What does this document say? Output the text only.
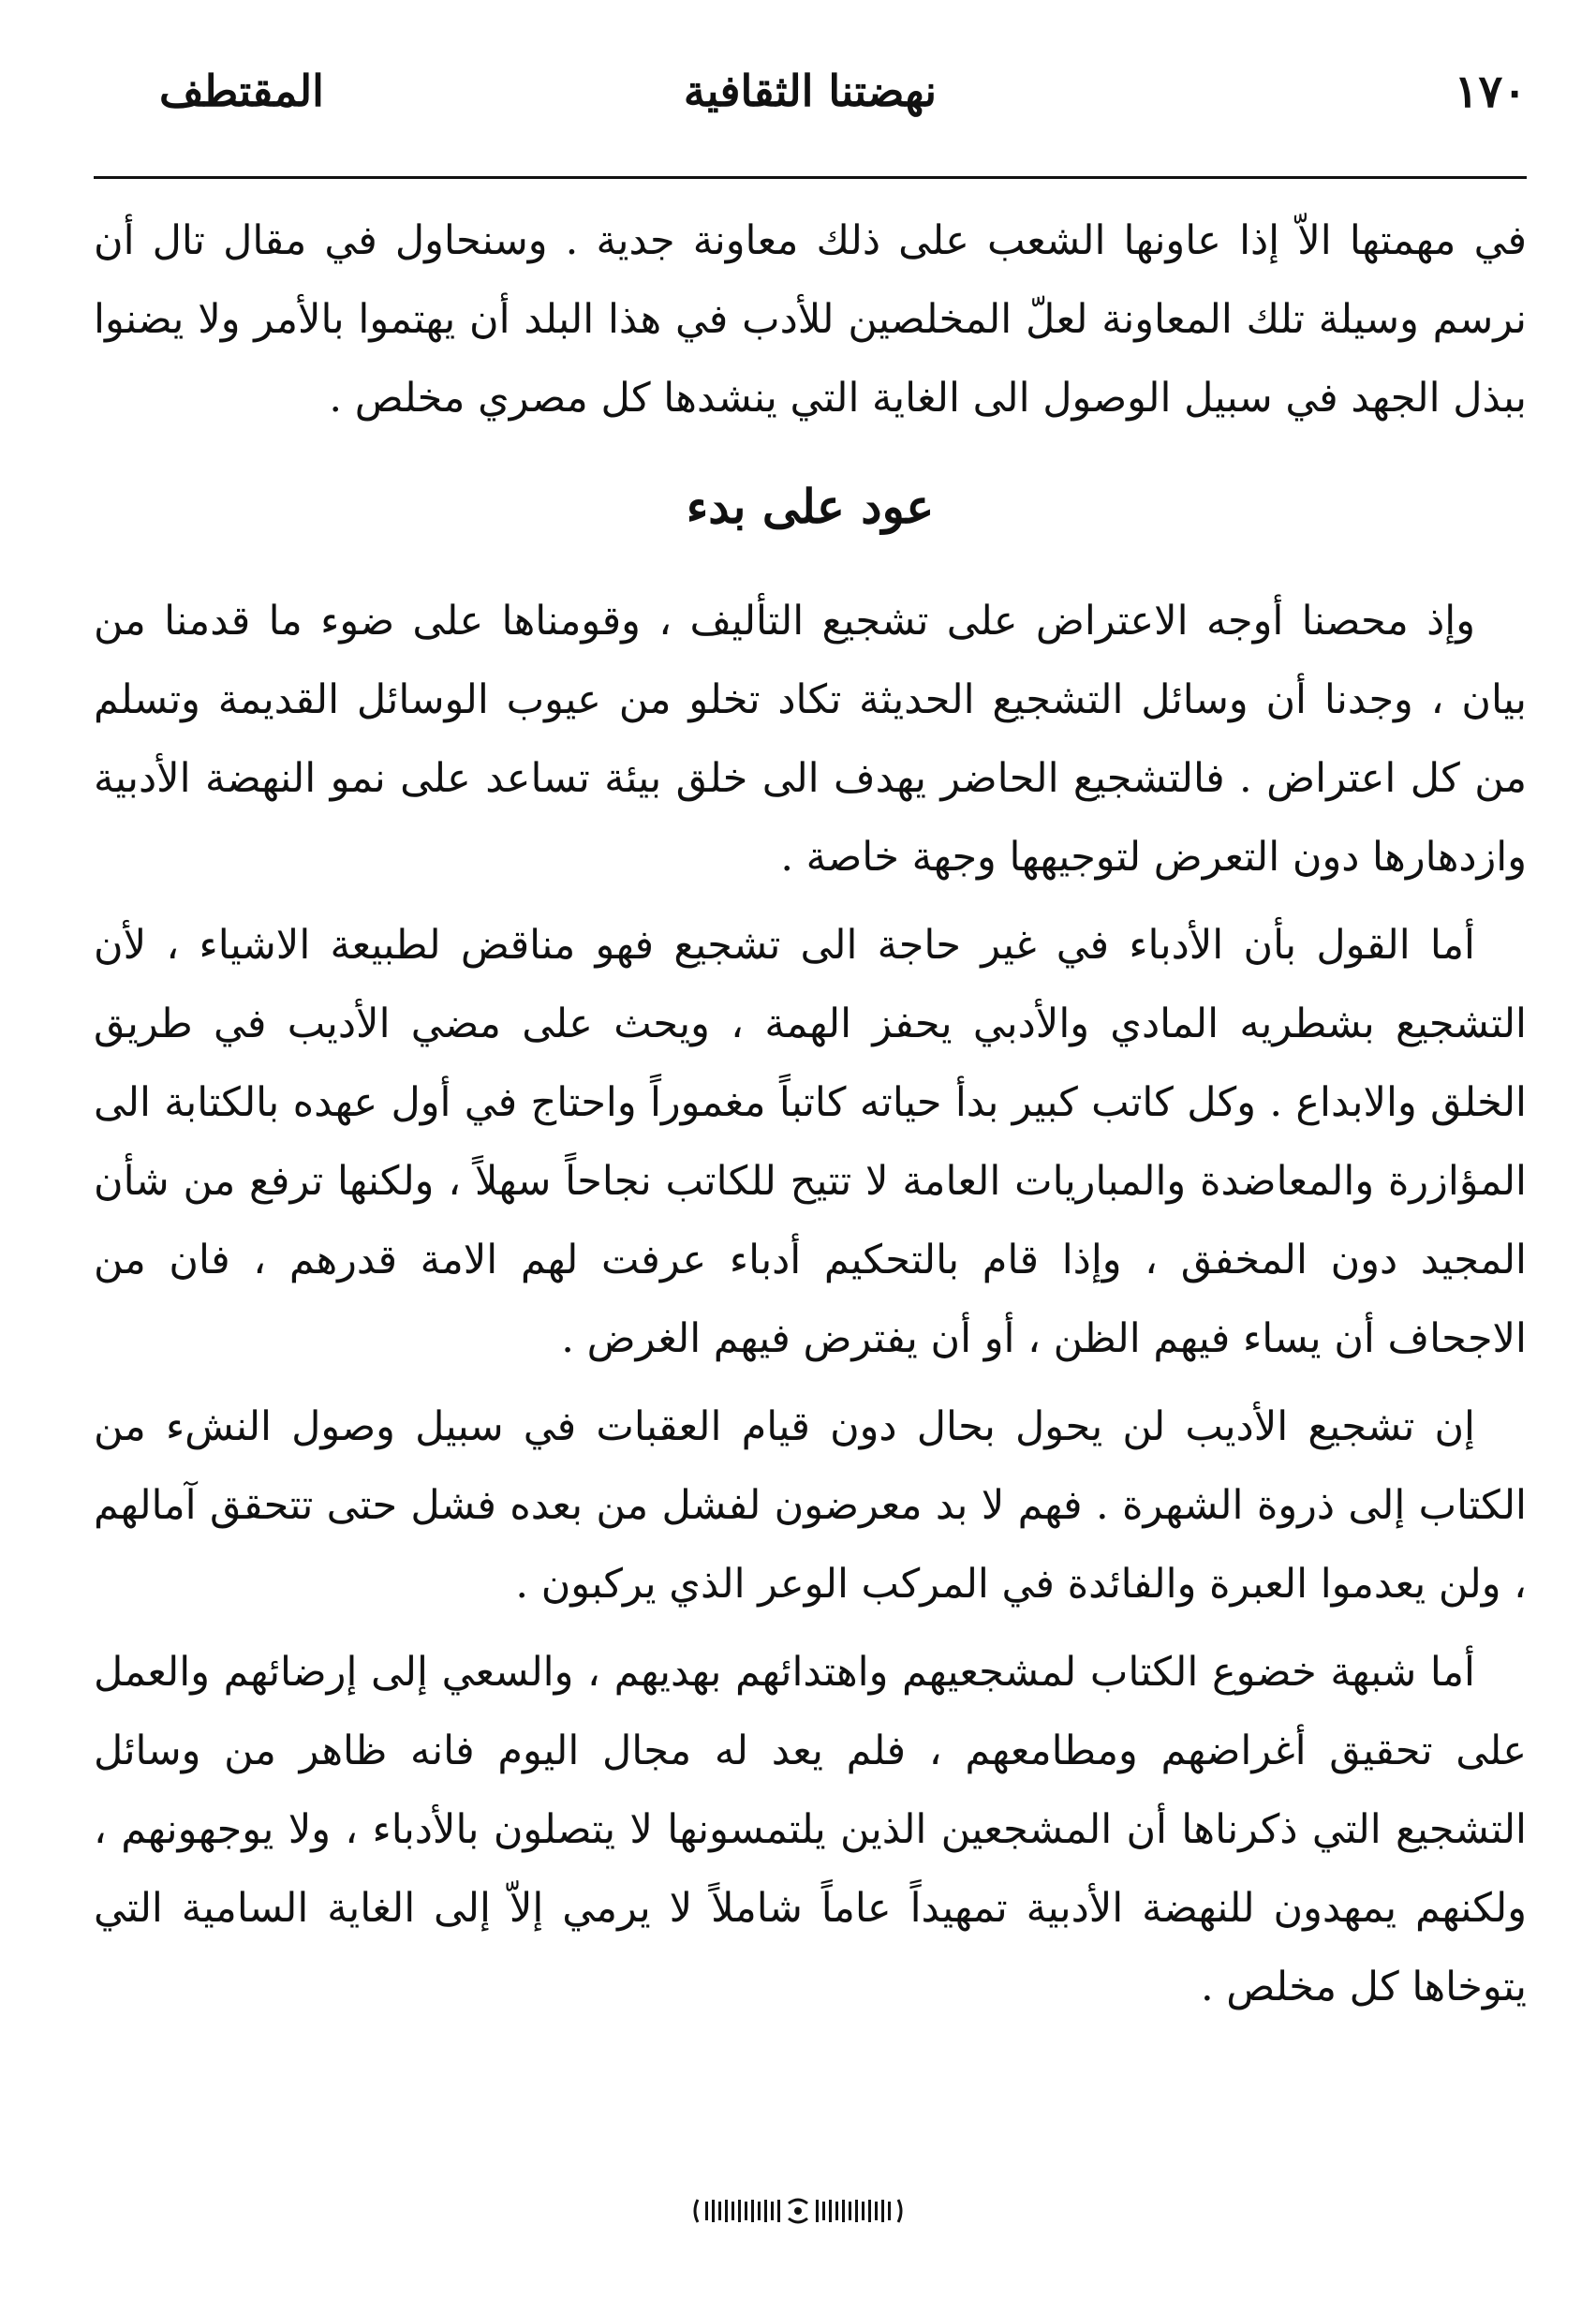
١٧٠
نهضتنا الثقافية
المقتطف

في مهمتها الاّ إذا عاونها الشعب على ذلك معاونة جدية . وسنحاول في مقال تال أن نرسم وسيلة تلك المعاونة لعلّ المخلصين للأدب في هذا البلد أن يهتموا بالأمر ولا يضنوا ببذل الجهد في سبيل الوصول الى الغاية التي ينشدها كل مصري مخلص .

عود على بدء

وإذ محصنا أوجه الاعتراض على تشجيع التأليف ، وقومناها على ضوء ما قدمنا من بيان ، وجدنا أن وسائل التشجيع الحديثة تكاد تخلو من عيوب الوسائل القديمة وتسلم من كل اعتراض . فالتشجيع الحاضر يهدف الى خلق بيئة تساعد على نمو النهضة الأدبية وازدهارها دون التعرض لتوجيهها وجهة خاصة .

أما القول بأن الأدباء في غير حاجة الى تشجيع فهو مناقض لطبيعة الاشياء ، لأن التشجيع بشطريه المادي والأدبي يحفز الهمة ، ويحث على مضي الأديب في طريق الخلق والابداع . وكل كاتب كبير بدأ حياته كاتباً مغموراً واحتاج في أول عهده بالكتابة الى المؤازرة والمعاضدة والمباريات العامة لا تتيح للكاتب نجاحاً سهلاً ، ولكنها ترفع من شأن المجيد دون المخفق ، وإذا قام بالتحكيم أدباء عرفت لهم الامة قدرهم ، فان من الاجحاف أن يساء فيهم الظن ، أو أن يفترض فيهم الغرض .

إن تشجيع الأديب لن يحول بحال دون قيام العقبات في سبيل وصول النشء من الكتاب إلى ذروة الشهرة . فهم لا بد معرضون لفشل من بعده فشل حتى تتحقق آمالهم ، ولن يعدموا العبرة والفائدة في المركب الوعر الذي يركبون .

أما شبهة خضوع الكتاب لمشجعيهم واهتدائهم بهديهم ، والسعي إلى إرضائهم والعمل على تحقيق أغراضهم ومطامعهم ، فلم يعد له مجال اليوم فانه ظاهر من وسائل التشجيع التي ذكرناها أن المشجعين الذين يلتمسونها لا يتصلون بالأدباء ، ولا يوجهونهم ، ولكنهم يمهدون للنهضة الأدبية تمهيداً عاماً شاملاً لا يرمي إلاّ إلى الغاية السامية التي يتوخاها كل مخلص .
